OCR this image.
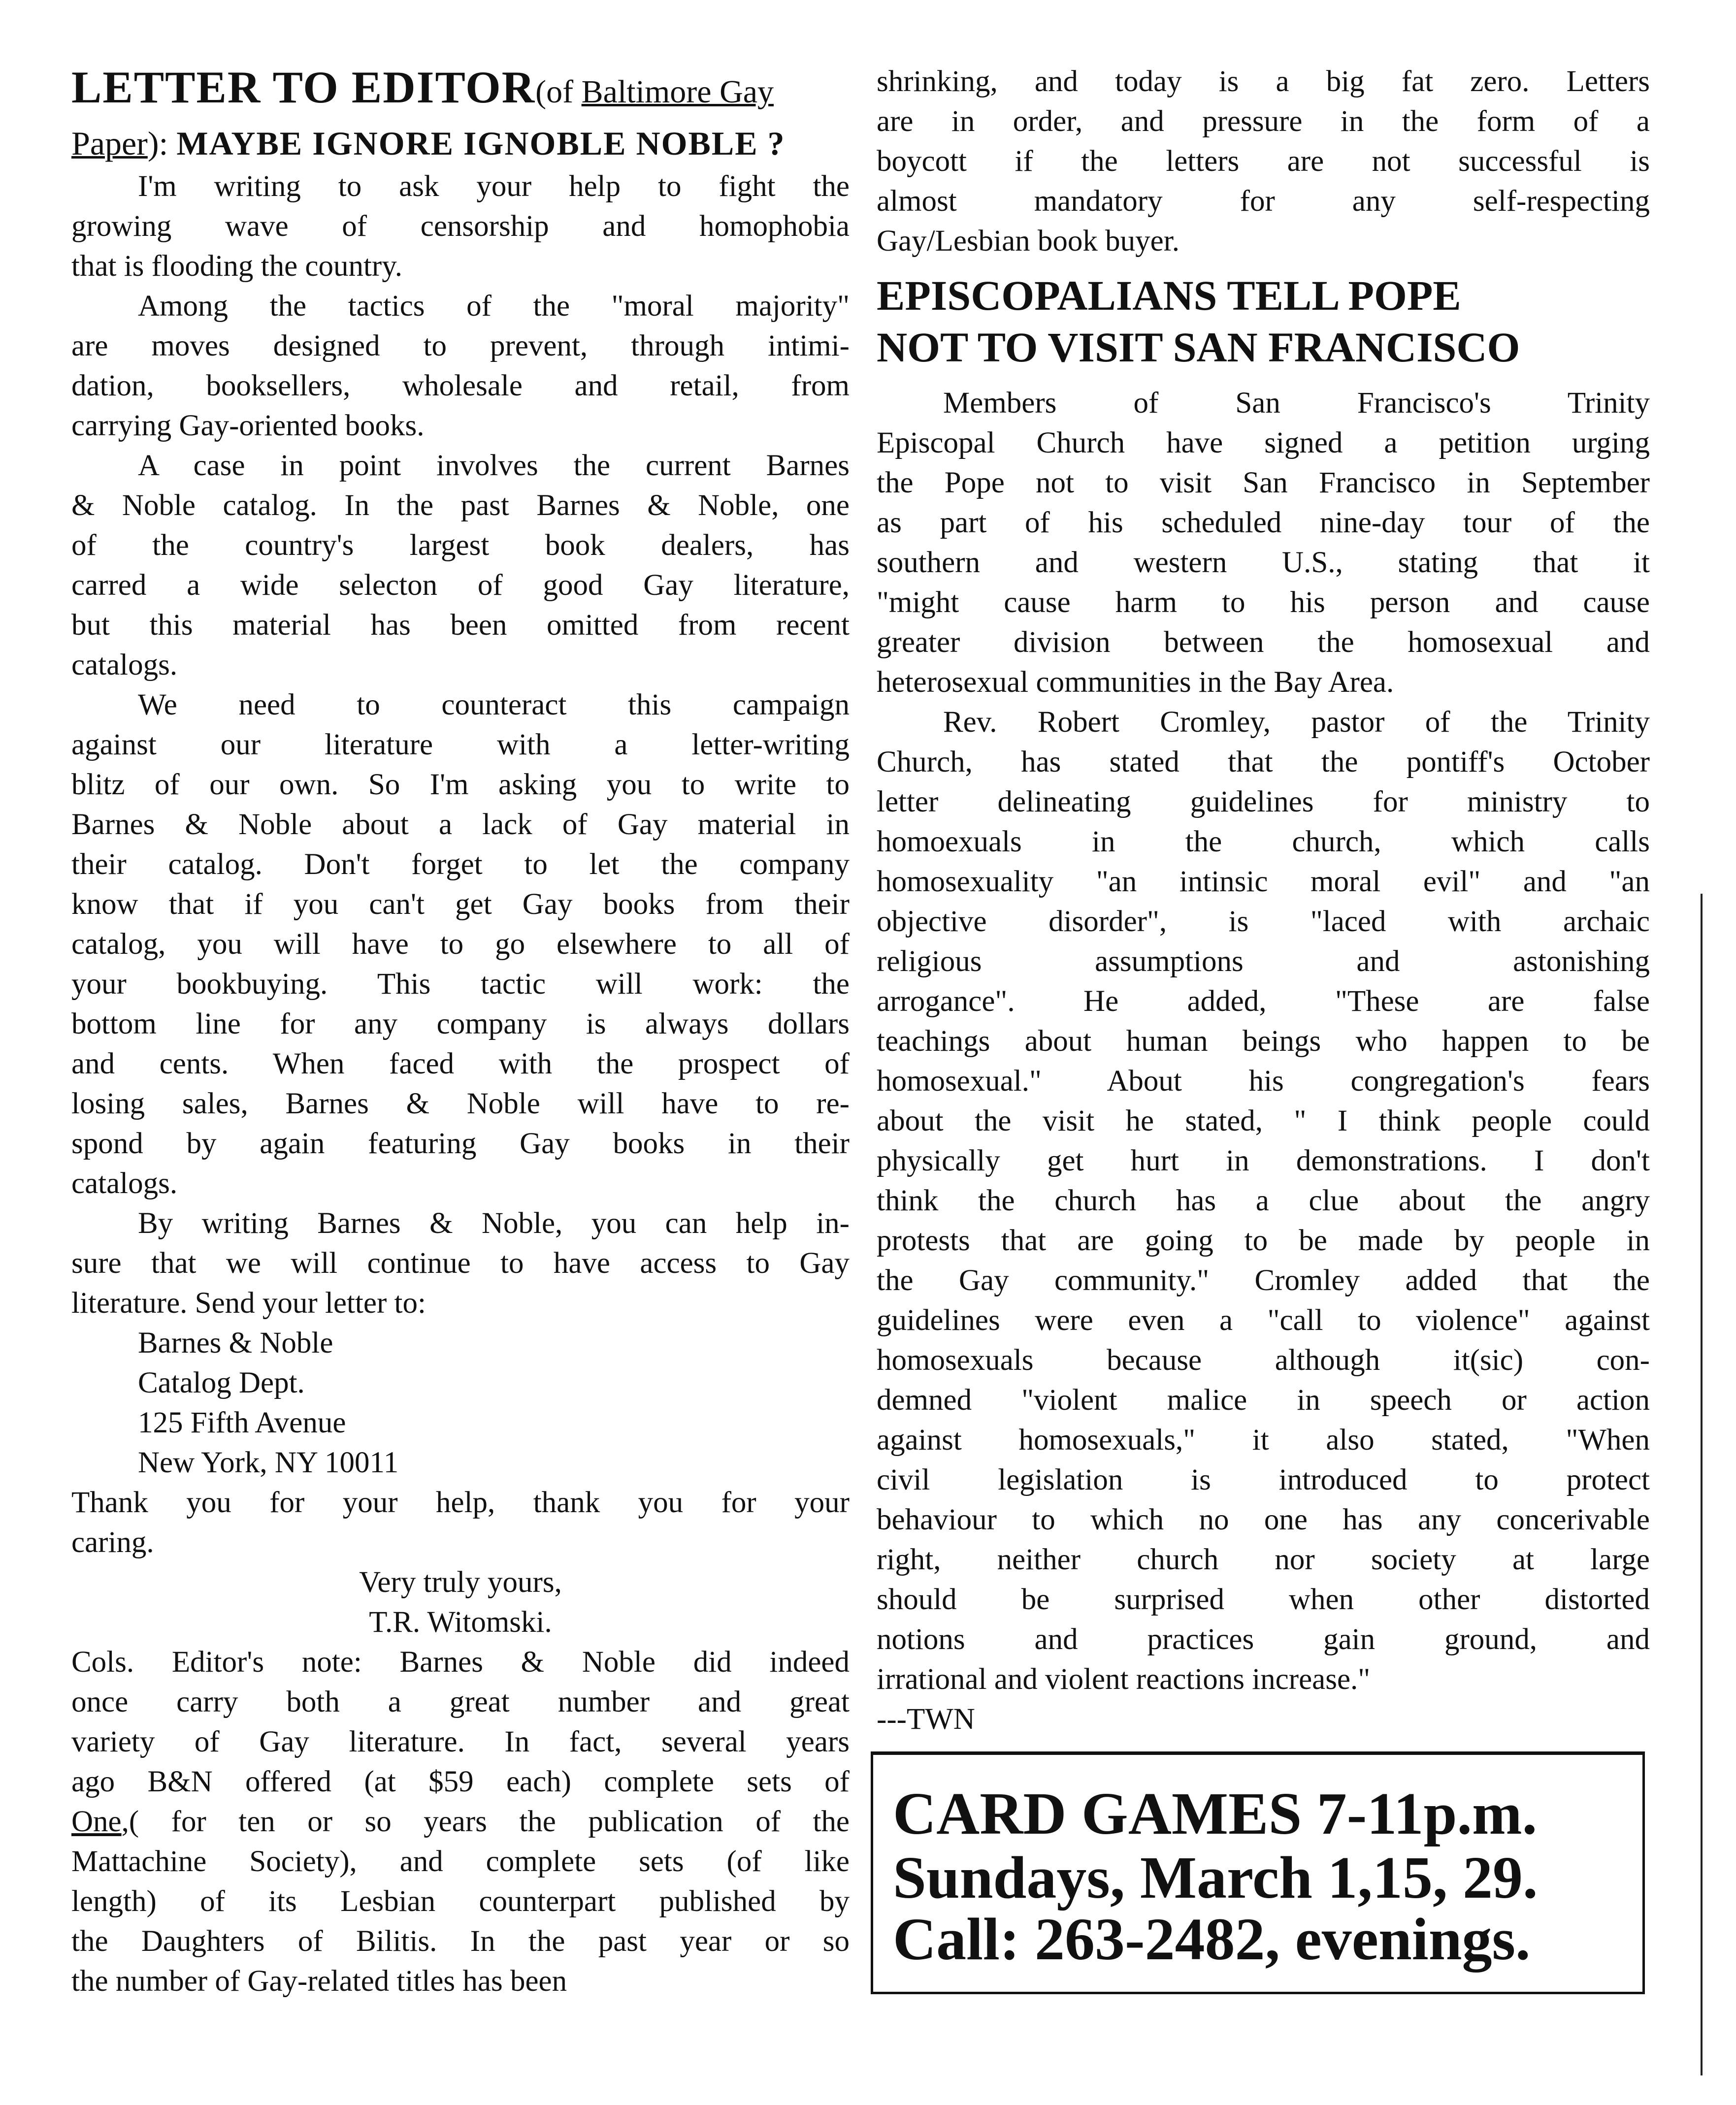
LETTER TO EDITOR(of Baltimore Gay
Paper): MAYBE IGNORE IGNOBLE NOBLE ?
I'm writing to ask your help to fight the
growing wave of censorship and homophobia
that is flooding the country.
Among the tactics of the "moral majority"
are moves designed to prevent, through intimi-
dation, booksellers, wholesale and retail, from
carrying Gay-oriented books.
A case in point involves the current Barnes
& Noble catalog. In the past Barnes & Noble, one
of the country's largest book dealers, has
carred a wide selecton of good Gay literature,
but this material has been omitted from recent
catalogs.
We need to counteract this campaign
against our literature with a letter-writing
blitz of our own. So I'm asking you to write to
Barnes & Noble about a lack of Gay material in
their catalog. Don't forget to let the company
know that if you can't get Gay books from their
catalog, you will have to go elsewhere to all of
your bookbuying. This tactic will work: the
bottom line for any company is always dollars
and cents. When faced with the prospect of
losing sales, Barnes & Noble will have to re-
spond by again featuring Gay books in their
catalogs.
By writing Barnes & Noble, you can help in-
sure that we will continue to have access to Gay
literature. Send your letter to:
Barnes & Noble
Catalog Dept.
125 Fifth Avenue
New York, NY 10011
Thank you for your help, thank you for your
caring.
Very truly yours,
T.R. Witomski.
Cols. Editor's note: Barnes & Noble did indeed
once carry both a great number and great
variety of Gay literature. In fact, several years
ago B&N offered (at $59 each) complete sets of
One,( for ten or so years the publication of the
Mattachine Society), and complete sets (of like
length) of its Lesbian counterpart published by
the Daughters of Bilitis. In the past year or so
the number of Gay-related titles has been
shrinking, and today is a big fat zero. Letters
are in order, and pressure in the form of a
boycott if the letters are not successful is
almost mandatory for any self-respecting
Gay/Lesbian book buyer.
EPISCOPALIANS TELL POPE
NOT TO VISIT SAN FRANCISCO
Members of San Francisco's Trinity
Episcopal Church have signed a petition urging
the Pope not to visit San Francisco in September
as part of his scheduled nine-day tour of the
southern and western U.S., stating that it
"might cause harm to his person and cause
greater division between the homosexual and
heterosexual communities in the Bay Area.
Rev. Robert Cromley, pastor of the Trinity
Church, has stated that the pontiff's October
letter delineating guidelines for ministry to
homoexuals in the church, which calls
homosexuality "an intinsic moral evil" and "an
objective disorder", is "laced with archaic
religious assumptions and astonishing
arrogance". He added, "These are false
teachings about human beings who happen to be
homosexual." About his congregation's fears
about the visit he stated, " I think people could
physically get hurt in demonstrations. I don't
think the church has a clue about the angry
protests that are going to be made by people in
the Gay community." Cromley added that the
guidelines were even a "call to violence" against
homosexuals because although it(sic) con-
demned "violent malice in speech or action
against homosexuals," it also stated, "When
civil legislation is introduced to protect
behaviour to which no one has any concerivable
right, neither church nor society at large
should be surprised when other distorted
notions and practices gain ground, and
irrational and violent reactions increase."
---TWN
CARD GAMES 7-11p.m.
Sundays, March 1,15, 29.
Call: 263-2482, evenings.
